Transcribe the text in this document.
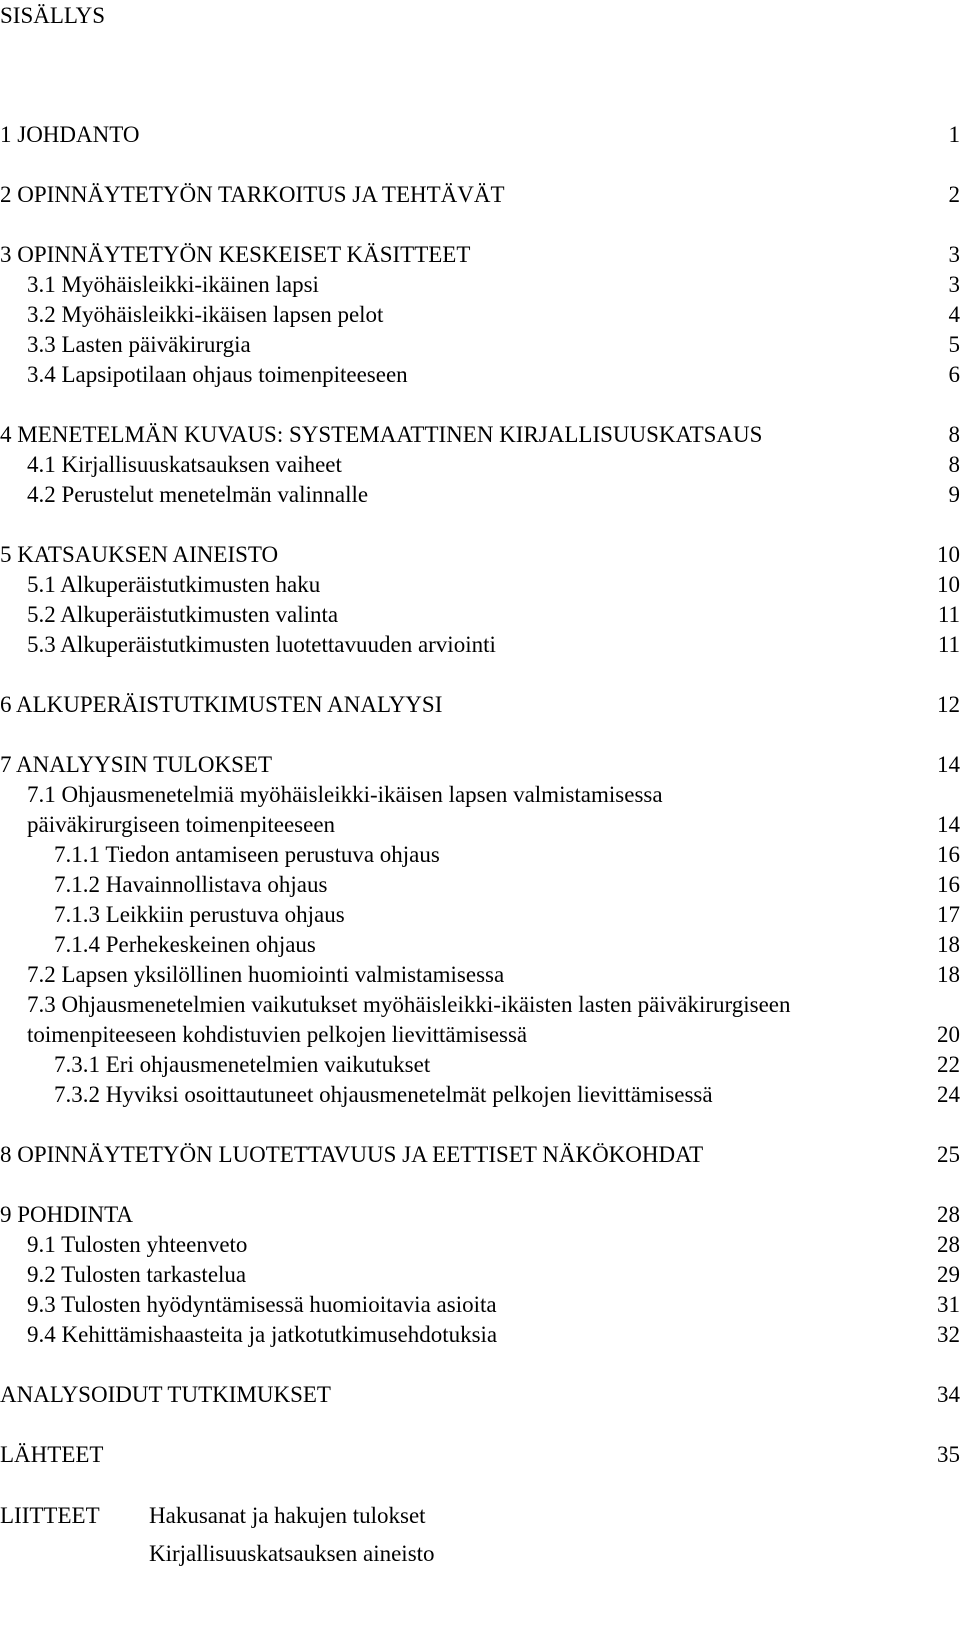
SISÄLLYS
1 JOHDANTO	1
2 OPINNÄYTETYÖN TARKOITUS JA TEHTÄVÄT	2
3 OPINNÄYTETYÖN KESKEISET KÄSITTEET	3
3.1 Myöhäisleikki-ikäinen lapsi	3
3.2 Myöhäisleikki-ikäisen lapsen pelot	4
3.3 Lasten päiväkirurgia	5
3.4 Lapsipotilaan ohjaus toimenpiteeseen	6
4 MENETELMÄN KUVAUS: SYSTEMAATTINEN KIRJALLISUUSKATSAUS	8
4.1 Kirjallisuuskatsauksen vaiheet	8
4.2 Perustelut menetelmän valinnalle	9
5 KATSAUKSEN AINEISTO	10
5.1 Alkuperäistutkimusten haku	10
5.2 Alkuperäistutkimusten valinta	11
5.3 Alkuperäistutkimusten luotettavuuden arviointi	11
6 ALKUPERÄISTUTKIMUSTEN ANALYYSI	12
7 ANALYYSIN TULOKSET	14
7.1 Ohjausmenetelmiä myöhäisleikki-ikäisen lapsen valmistamisessa
päiväkirurgiseen toimenpiteeseen	14
7.1.1 Tiedon antamiseen perustuva ohjaus	16
7.1.2 Havainnollistava ohjaus	16
7.1.3 Leikkiin perustuva ohjaus	17
7.1.4 Perhekeskeinen ohjaus	18
7.2 Lapsen yksilöllinen huomiointi valmistamisessa	18
7.3 Ohjausmenetelmien vaikutukset myöhäisleikki-ikäisten lasten päiväkirurgiseen
toimenpiteeseen kohdistuvien pelkojen lievittämisessä	20
7.3.1 Eri ohjausmenetelmien vaikutukset	22
7.3.2 Hyviksi osoittautuneet ohjausmenetelmät pelkojen lievittämisessä	24
8 OPINNÄYTETYÖN LUOTETTAVUUS JA EETTISET NÄKÖKOHDAT	25
9 POHDINTA	28
9.1 Tulosten yhteenveto	28
9.2 Tulosten tarkastelua	29
9.3 Tulosten hyödyntämisessä huomioitavia asioita	31
9.4 Kehittämishaasteita ja jatkotutkimusehdotuksia	32
ANALYSOIDUT TUTKIMUKSET	34
LÄHTEET	35
LIITTEET Hakusanat ja hakujen tulokset
Kirjallisuuskatsauksen aineisto
